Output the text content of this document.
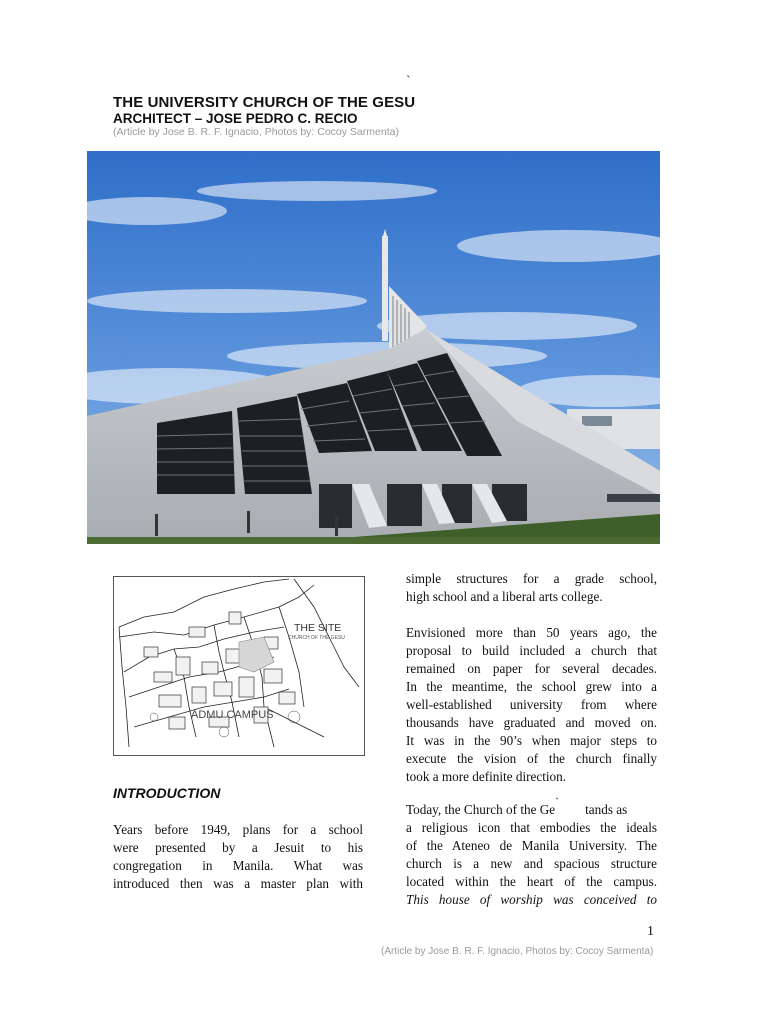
`
THE UNIVERSITY CHURCH OF THE GESU
ARCHITECT – JOSE PEDRO C. RECIO
(Article by Jose B. R. F. Ignacio, Photos by: Cocoy Sarmenta)
THE SITE
CHURCH OF THE GESU
ADMU CAMPUS
INTRODUCTION
Years before 1949, plans for a school
were presented by a Jesuit to his
congregation in Manila. What was
introduced then was a master plan with
simple structures for a grade school,
high school and a liberal arts college.
Envisioned more than 50 years ago, the
proposal to build included a church that
remained on paper for several decades.
In the meantime, the school grew into a
well-established university from where
thousands have graduated and moved on.
It was in the 90’s when major steps to
execute the vision of the church finally
took a more definite direction.
Today, the Church of the Ge` tands as
a religious icon that embodies the ideals
of the Ateneo de Manila University. The
church is a new and spacious structure
located within the heart of the campus.
This house of worship was conceived to
1
(Article by Jose B. R. F. Ignacio, Photos by: Cocoy Sarmenta)
